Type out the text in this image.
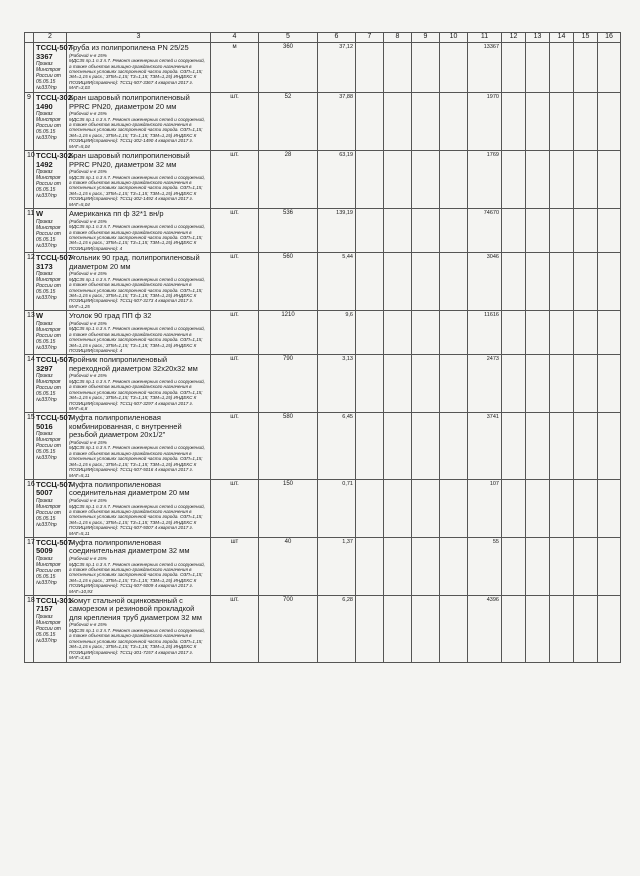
	2	3	4	5	6	7	8	9	10	11	12	13	14	15	16

	ТССЦ-507-3367
Приказ Минстроя России от 05.05.15 №337/пр	Труба из полипропилена PN 25/25
(Рабочий н-я 15%
МДС35 пр.1 п.3 п.7. Ремонт инженерных сетей и сооружений, а также объектов жилищно-гражданского назначения в стесненных условиях застроенной части города. ОЗП=1,15; ЭМ=1,15 к расх.; ЗПМ=1,15; ТЗ=1,15; ТЗМ=1,15) ИНДЕКС К ПОЗИЦИИ(справочно): ТССЦ-507-3367 4 квартал 2017 г. МАТ=3,03	м	360	37,12					13367					
9	ТССЦ-302-1490
Приказ Минстроя России от 05.05.15 №337/пр	Кран шаровый полипропиленовый PPRC PN20, диаметром 20 мм
(Рабочий н-я 15%
МДС35 пр.1 п.3 п.7. Ремонт инженерных сетей и сооружений, а также объектов жилищно-гражданского назначения в стесненных условиях застроенной части города. ОЗП=1,15; ЭМ=1,15 к расх.; ЗПМ=1,15; ТЗ=1,15; ТЗМ=1,15) ИНДЕКС К ПОЗИЦИИ(справочно): ТССЦ-302-1490 4 квартал 2017 г. МАТ=5,04	шт.	52	37,88					1970					
10	ТССЦ-302-1492
Приказ Минстроя России от 05.05.15 №337/пр	Кран шаровый полипропиленовый PPRC PN20, диаметром 32 мм
(Рабочий н-я 15%
МДС35 пр.1 п.3 п.7. Ремонт инженерных сетей и сооружений, а также объектов жилищно-гражданского назначения в стесненных условиях застроенной части города. ОЗП=1,15; ЭМ=1,15 к расх.; ЗПМ=1,15; ТЗ=1,15; ТЗМ=1,15) ИНДЕКС К ПОЗИЦИИ(справочно): ТССЦ-302-1492 4 квартал 2017 г. МАТ=5,04	шт.	28	63,19					1769					
11	W
Приказ Минстроя России от 05.05.15 №337/пр	Американка пп ф 32*1 вн/р
(Рабочий н-я 15%
МДС35 пр.1 п.3 п.7. Ремонт инженерных сетей и сооружений, а также объектов жилищно-гражданского назначения в стесненных условиях застроенной части города. ОЗП=1,15; ЭМ=1,15 к расх.; ЗПМ=1,15; ТЗ=1,15; ТЗМ=1,15) ИНДЕКС К ПОЗИЦИИ(справочно): 4	шт.	536	139,19					74670					
12	ТССЦ-507-3173
Приказ Минстроя России от 05.05.15 №337/пр	Угольник 90 град. полипропиленовый диаметром 20 мм
(Рабочий н-я 15%
МДС35 пр.1 п.3 п.7. Ремонт инженерных сетей и сооружений, а также объектов жилищно-гражданского назначения в стесненных условиях застроенной части города. ОЗП=1,15; ЭМ=1,15 к расх.; ЗПМ=1,15; ТЗ=1,15; ТЗМ=1,15) ИНДЕКС К ПОЗИЦИИ(справочно): ТССЦ-507-3173 4 квартал 2017 г. МАТ=1,25	шт.	560	5,44					3046					
13	W
Приказ Минстроя России от 05.05.15 №337/пр	Уголок 90 град ПП ф 32
(Рабочий н-я 15%
МДС35 пр.1 п.3 п.7. Ремонт инженерных сетей и сооружений, а также объектов жилищно-гражданского назначения в стесненных условиях застроенной части города. ОЗП=1,15; ЭМ=1,15 к расх.; ЗПМ=1,15; ТЗ=1,15; ТЗМ=1,15) ИНДЕКС К ПОЗИЦИИ(справочно): 4	шт.	1210	9,6					11616					
14	ТССЦ-507-3297
Приказ Минстроя России от 05.05.15 №337/пр	Тройник полипропиленовый переходной диаметром 32х20х32 мм
(Рабочий н-я 15%
МДС35 пр.1 п.3 п.7. Ремонт инженерных сетей и сооружений, а также объектов жилищно-гражданского назначения в стесненных условиях застроенной части города. ОЗП=1,15; ЭМ=1,15 к расх.; ЗПМ=1,15; ТЗ=1,15; ТЗМ=1,15) ИНДЕКС К ПОЗИЦИИ(справочно): ТССЦ-507-3297 4 квартал 2017 г. МАТ=6,8	шт.	790	3,13					2473					
15	ТССЦ-507-5016
Приказ Минстроя России от 05.05.15 №337/пр	Муфта полипропиленовая комбинированная, с внутренней резьбой диаметром 20х1/2"
(Рабочий н-я 15%
МДС35 пр.1 п.3 п.7. Ремонт инженерных сетей и сооружений, а также объектов жилищно-гражданского назначения в стесненных условиях застроенной части города. ОЗП=1,15; ЭМ=1,15 к расх.; ЗПМ=1,15; ТЗ=1,15; ТЗМ=1,15) ИНДЕКС К ПОЗИЦИИ(справочно): ТССЦ-507-5016 4 квартал 2017 г. МАТ=5,11	шт.	580	6,45					3741					
16	ТССЦ-507-5007
Приказ Минстроя России от 05.05.15 №337/пр	Муфта полипропиленовая соединительная диаметром 20 мм
(Рабочий н-я 15%
МДС35 пр.1 п.3 п.7. Ремонт инженерных сетей и сооружений, а также объектов жилищно-гражданского назначения в стесненных условиях застроенной части города. ОЗП=1,15; ЭМ=1,15 к расх.; ЗПМ=1,15; ТЗ=1,15; ТЗМ=1,15) ИНДЕКС К ПОЗИЦИИ(справочно): ТССЦ-507-5007 4 квартал 2017 г. МАТ=5,11	шт.	150	0,71					107					
17	ТССЦ-507-5009
Приказ Минстроя России от 05.05.15 №337/пр	Муфта полипропиленовая соединительная диаметром 32 мм
(Рабочий н-я 15%
МДС35 пр.1 п.3 п.7. Ремонт инженерных сетей и сооружений, а также объектов жилищно-гражданского назначения в стесненных условиях застроенной части города. ОЗП=1,15; ЭМ=1,15 к расх.; ЗПМ=1,15; ТЗ=1,15; ТЗМ=1,15) ИНДЕКС К ПОЗИЦИИ(справочно): ТССЦ-507-5009 4 квартал 2017 г. МАТ=10,93	шт	40	1,37					55					
18	ТССЦ-301-7157
Приказ Минстроя России от 05.05.15 №337/пр	Хомут стальной оцинкованный с саморезом и резиновой прокладкой для крепления труб диаметром 32 мм
(Рабочий н-я 15%
МДС35 пр.1 п.3 п.7. Ремонт инженерных сетей и сооружений, а также объектов жилищно-гражданского назначения в стесненных условиях застроенной части города. ОЗП=1,15; ЭМ=1,15 к расх.; ЗПМ=1,15; ТЗ=1,15; ТЗМ=1,15) ИНДЕКС К ПОЗИЦИИ(справочно): ТССЦ-301-7157 4 квартал 2017 г. МАТ=3,63	шт.	700	6,28					4396					
